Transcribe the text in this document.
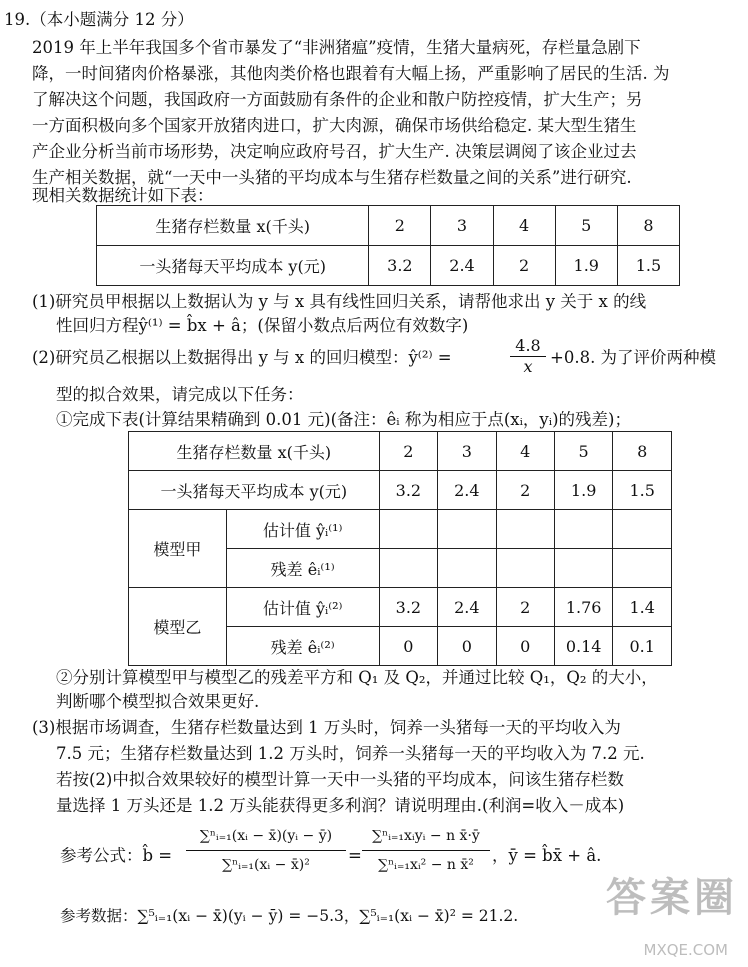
19.（本小题满分 12 分）
2019 年上半年我国多个省市暴发了“非洲猪瘟”疫情，生猪大量病死，存栏量急剧下
降，一时间猪肉价格暴涨，其他肉类价格也跟着有大幅上扬，严重影响了居民的生活. 为
了解决这个问题，我国政府一方面鼓励有条件的企业和散户防控疫情，扩大生产；另
一方面积极向多个国家开放猪肉进口，扩大肉源，确保市场供给稳定. 某大型生猪生
产企业分析当前市场形势，决定响应政府号召，扩大生产. 决策层调阅了该企业过去
生产相关数据，就“一天中一头猪的平均成本与生猪存栏数量之间的关系”进行研究.
现相关数据统计如下表：
生猪存栏数量 x(千头)	2	3	4	5	8
一头猪每天平均成本 y(元)	3.2	2.4	2	1.9	1.5
(1)研究员甲根据以上数据认为 y 与 x 具有线性回归关系，请帮他求出 y 关于 x 的线
性回归方程ŷ⁽¹⁾ = b̂x + â；(保留小数点后两位有效数字)
(2)研究员乙根据以上数据得出 y 与 x 的回归模型：ŷ⁽²⁾ =	$\frac{4.8}{x} +0.8$. 为了评价两种模
型的拟合效果，请完成以下任务：
①完成下表(计算结果精确到 0.01 元)(备注：êᵢ 称为相应于点(xᵢ，yᵢ)的残差)；
生猪存栏数量 x(千头)		2	3	4	5	8
一头猪每天平均成本 y(元)		3.2	2.4	2	1.9	1.5
模型甲	估计值 ŷᵢ⁽¹⁾					
	残差 êᵢ⁽¹⁾					
模型乙	估计值 ŷᵢ⁽²⁾	3.2	2.4	2	1.76	1.4
	残差 êᵢ⁽²⁾	0	0	0	0.14	0.1
②分别计算模型甲与模型乙的残差平方和 Q₁ 及 Q₂，并通过比较 Q₁，Q₂ 的大小，
判断哪个模型拟合效果更好.
(3)根据市场调查，生猪存栏数量达到 1 万头时，饲养一头猪每一天的平均收入为
7.5 元；生猪存栏数量达到 1.2 万头时，饲养一头猪每一天的平均收入为 7.2 元.
若按(2)中拟合效果较好的模型计算一天中一头猪的平均成本，问该生猪存栏数
量选择 1 万头还是 1.2 万头能获得更多利润？请说明理由.(利润=收入－成本)
参考公式：b̂ = $\frac{\text{∑ⁿᵢ₌₁(xᵢ − x̄)(yᵢ − ȳ)}}{\text{∑ⁿᵢ₌₁(xᵢ − x̄)²}}$ =
∑ⁿᵢ₌₁xᵢyᵢ − n x̄·ȳ
∑ⁿᵢ₌₁xᵢ² − n x̄²	，ȳ = b̂x̄ + â.
参考数据：∑⁵ᵢ₌₁(xᵢ − x̄)(yᵢ − ȳ) = −5.3，∑⁵ᵢ₌₁(xᵢ − x̄)² = 21.2. 答案圈
MXQE.COM
